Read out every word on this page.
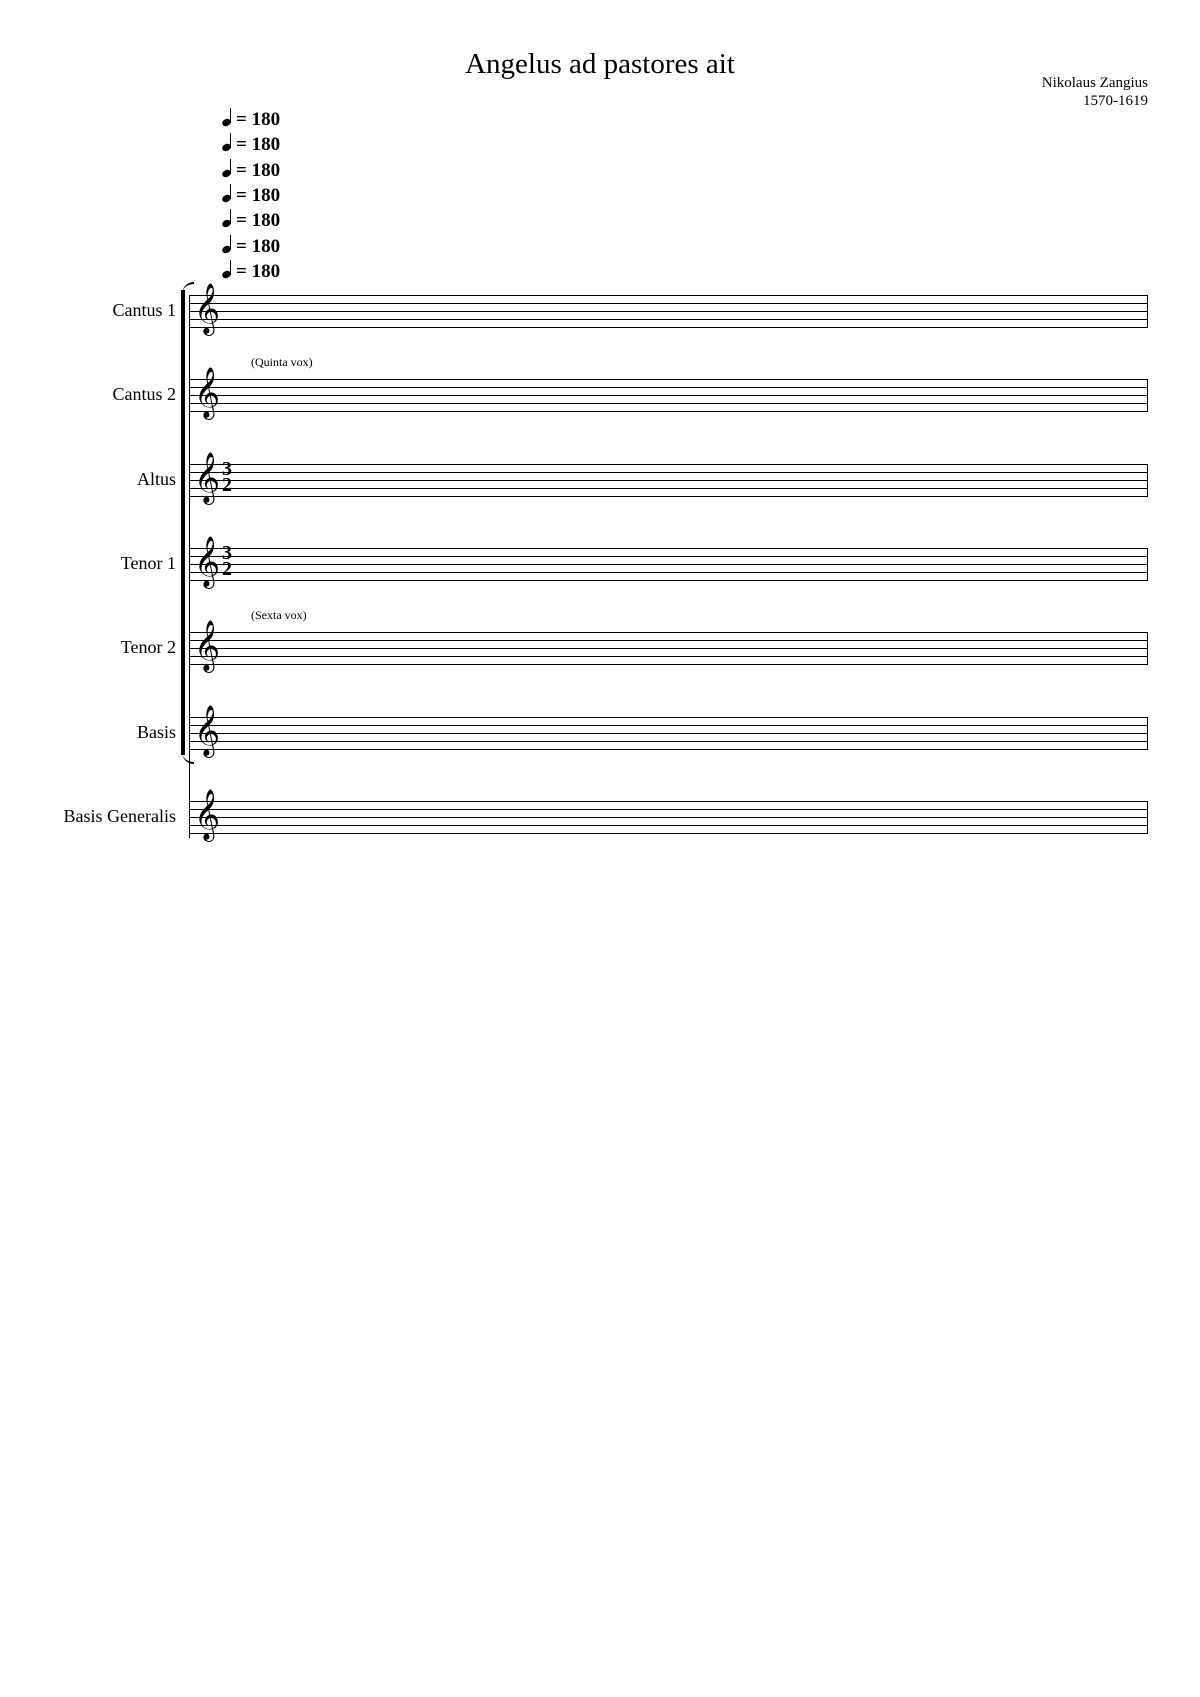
Angelus ad pastores ait
Nikolaus Zangius
1570-1619
= 180
= 180
= 180
= 180
= 180
= 180
= 180
𝄞
Cantus 1
𝄞
Cantus 2
(Quinta vox)
𝄞 3
2
Altus
𝄞 3
2
Tenor 1
𝄞
Tenor 2
(Sexta vox)
𝄞
Basis
𝄞
Basis Generalis
